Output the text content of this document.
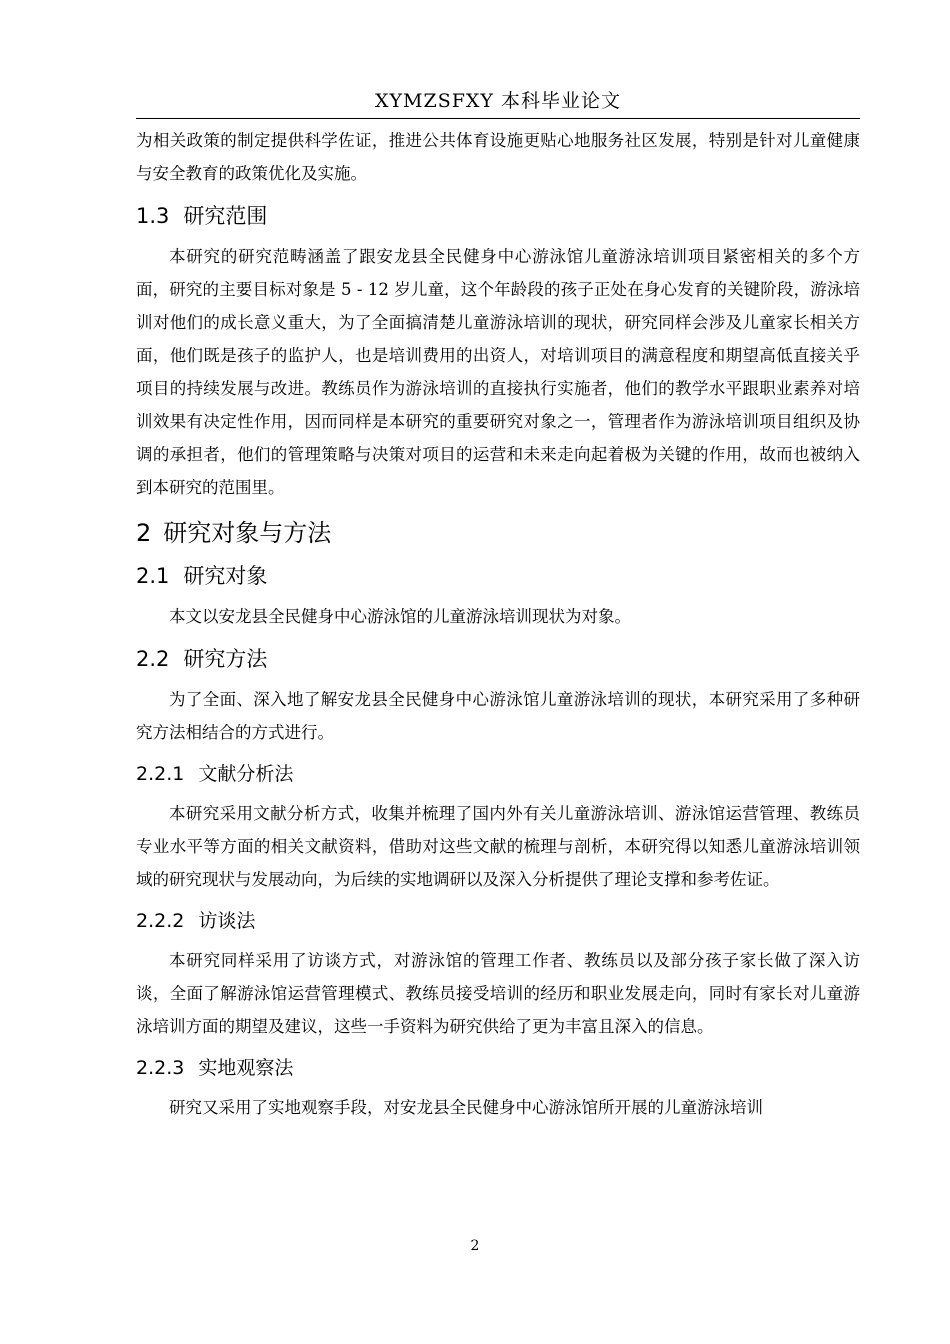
XYMZSFXY 本科毕业论文

为相关政策的制定提供科学佐证，推进公共体育设施更贴心地服务社区发展，特别是针对儿童健康与安全教育的政策优化及实施。

1.3 研究范围

本研究的研究范畴涵盖了跟安龙县全民健身中心游泳馆儿童游泳培训项目紧密相关的多个方面，研究的主要目标对象是 5 - 12 岁儿童，这个年龄段的孩子正处在身心发育的关键阶段，游泳培训对他们的成长意义重大，为了全面搞清楚儿童游泳培训的现状，研究同样会涉及儿童家长相关方面，他们既是孩子的监护人，也是培训费用的出资人，对培训项目的满意程度和期望高低直接关乎项目的持续发展与改进。教练员作为游泳培训的直接执行实施者，他们的教学水平跟职业素养对培训效果有决定性作用，因而同样是本研究的重要研究对象之一，管理者作为游泳培训项目组织及协调的承担者，他们的管理策略与决策对项目的运营和未来走向起着极为关键的作用，故而也被纳入到本研究的范围里。

2 研究对象与方法
2.1 研究对象

本文以安龙县全民健身中心游泳馆的儿童游泳培训现状为对象。

2.2 研究方法

为了全面、深入地了解安龙县全民健身中心游泳馆儿童游泳培训的现状，本研究采用了多种研究方法相结合的方式进行。

2.2.1 文献分析法

本研究采用文献分析方式，收集并梳理了国内外有关儿童游泳培训、游泳馆运营管理、教练员专业水平等方面的相关文献资料，借助对这些文献的梳理与剖析，本研究得以知悉儿童游泳培训领域的研究现状与发展动向，为后续的实地调研以及深入分析提供了理论支撑和参考佐证。

2.2.2 访谈法

本研究同样采用了访谈方式，对游泳馆的管理工作者、教练员以及部分孩子家长做了深入访谈，全面了解游泳馆运营管理模式、教练员接受培训的经历和职业发展走向，同时有家长对儿童游泳培训方面的期望及建议，这些一手资料为研究供给了更为丰富且深入的信息。

2.2.3 实地观察法

研究又采用了实地观察手段，对安龙县全民健身中心游泳馆所开展的儿童游泳培训

2
